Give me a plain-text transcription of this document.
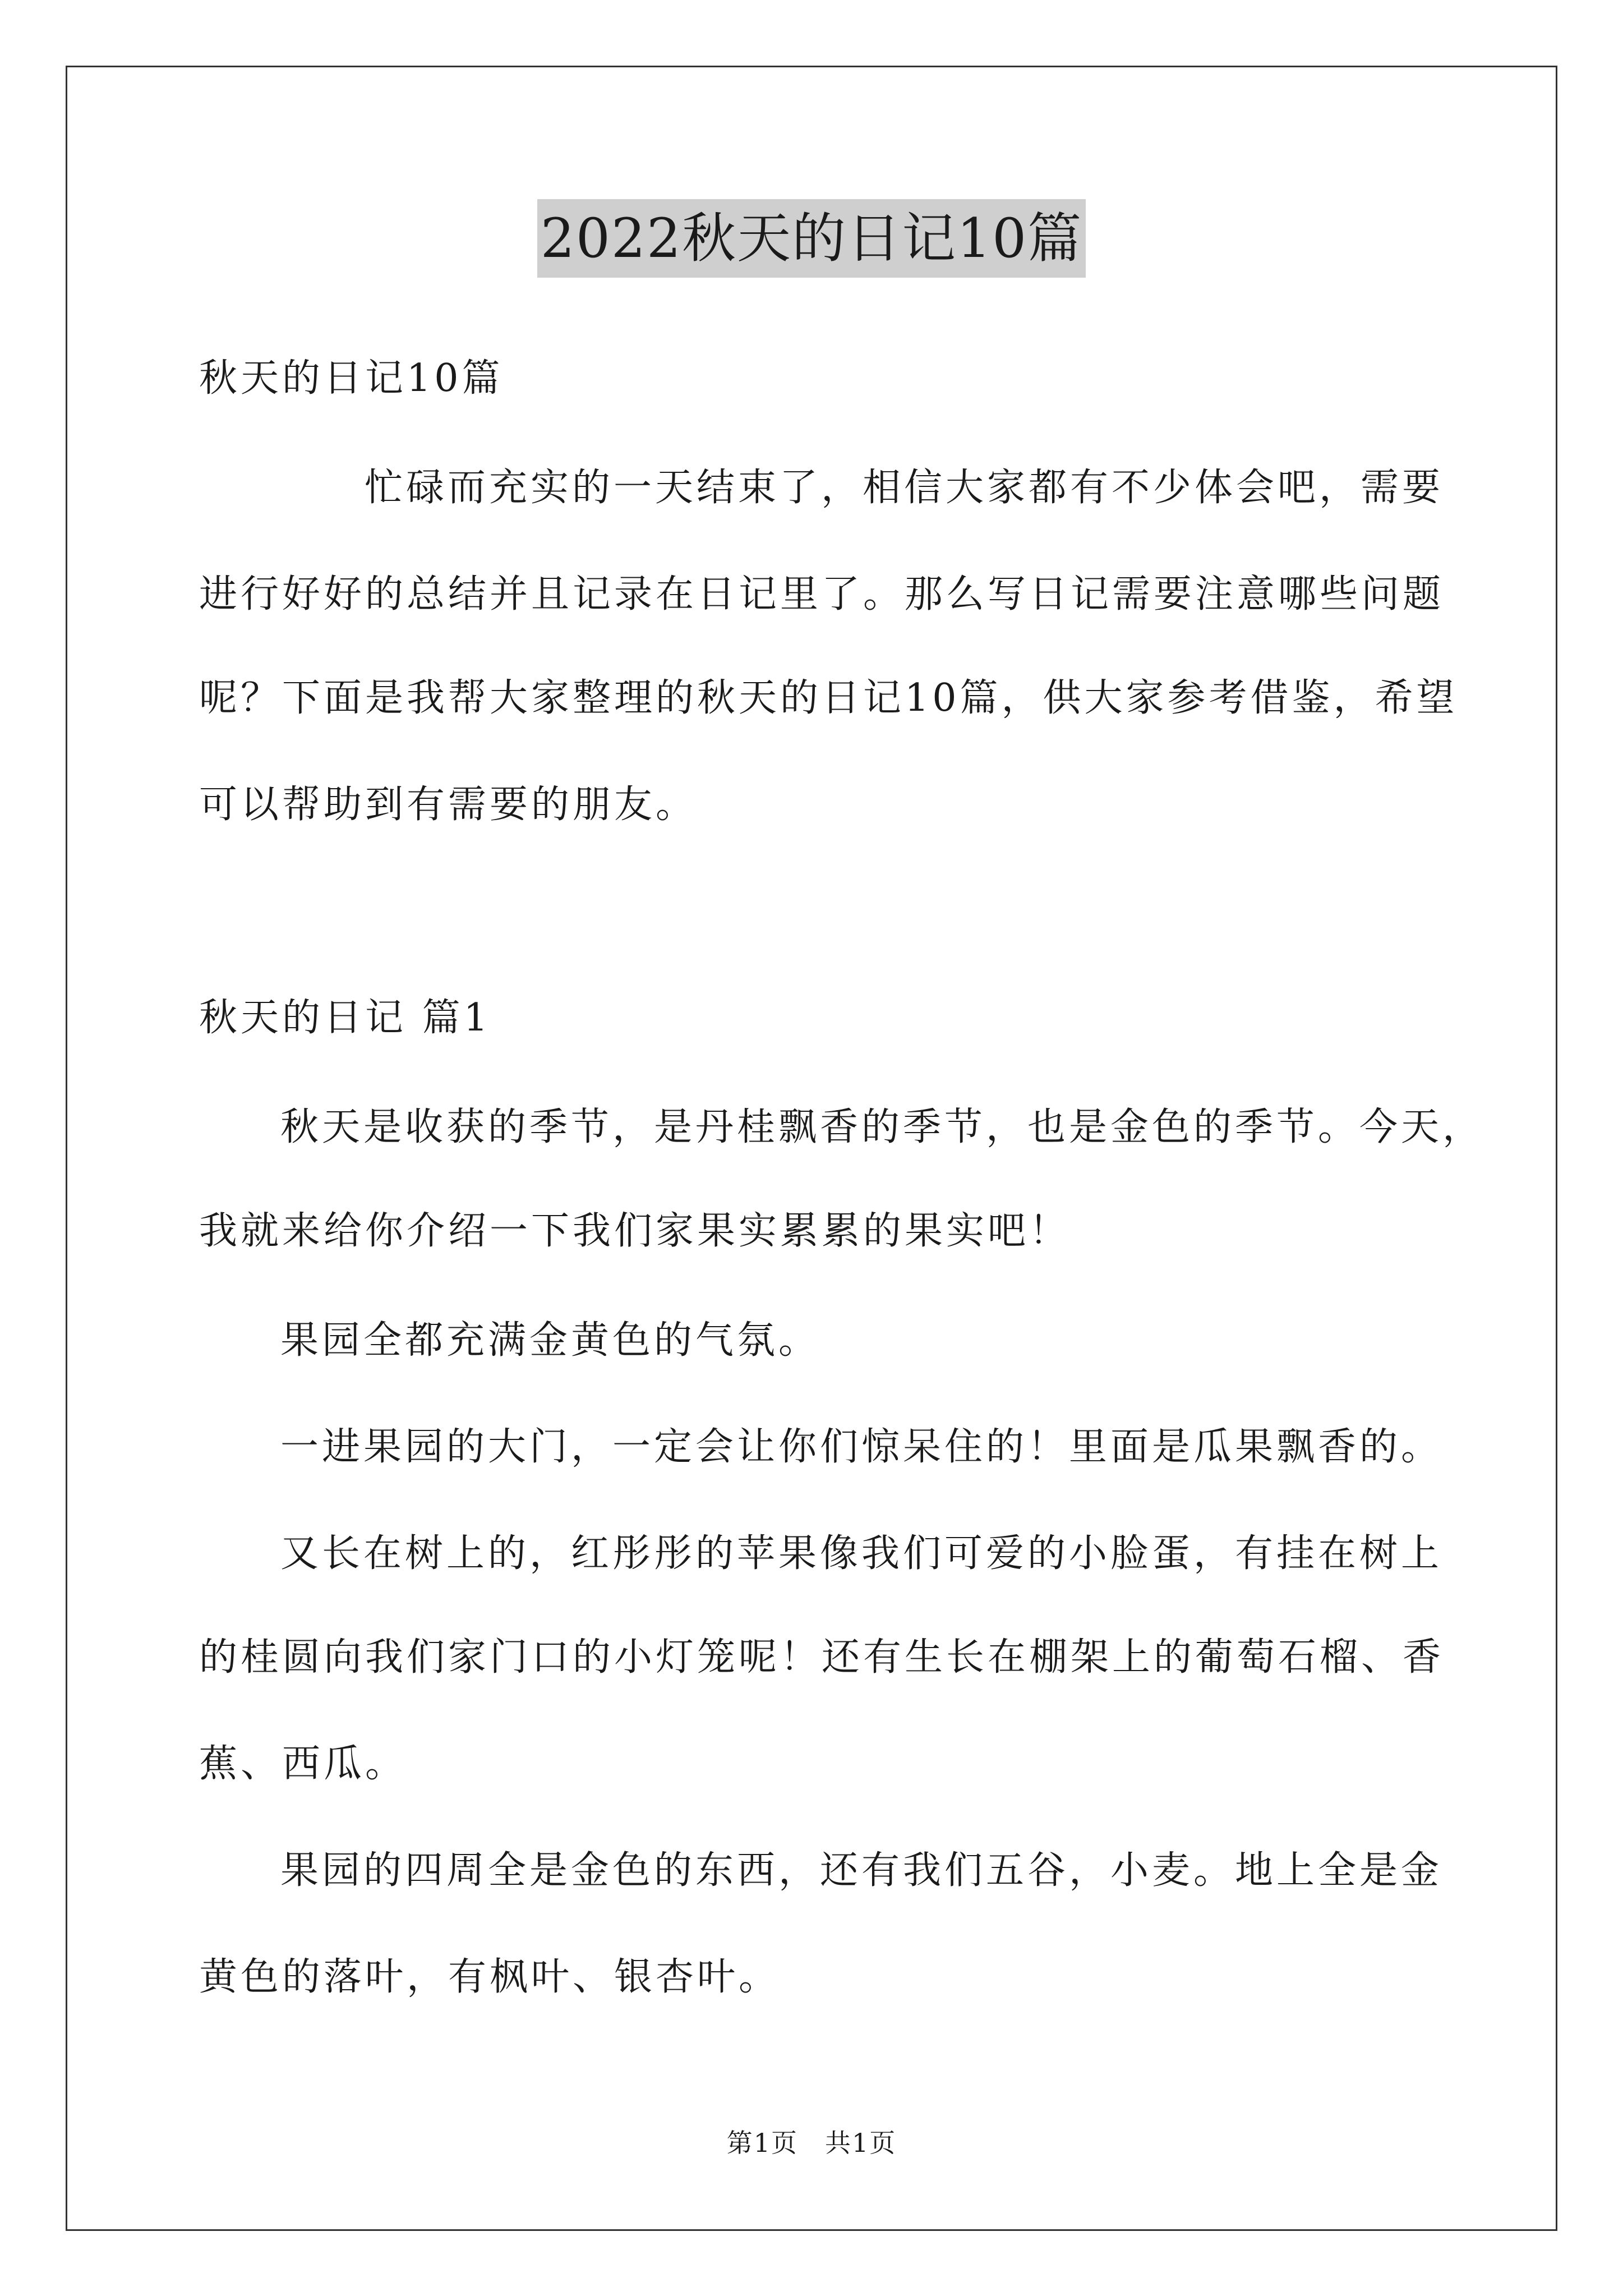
2022秋天的日记10篇
秋天的日记10篇
忙碌而充实的一天结束了，相信大家都有不少体会吧，需要
进行好好的总结并且记录在日记里了。那么写日记需要注意哪些问题
呢？下面是我帮大家整理的秋天的日记10篇，供大家参考借鉴，希望
可以帮助到有需要的朋友。
秋天的日记 篇1
秋天是收获的季节，是丹桂飘香的季节，也是金色的季节。今天，
我就来给你介绍一下我们家果实累累的果实吧！
果园全都充满金黄色的气氛。
一进果园的大门，一定会让你们惊呆住的！里面是瓜果飘香的。
又长在树上的，红彤彤的苹果像我们可爱的小脸蛋，有挂在树上
的桂圆向我们家门口的小灯笼呢！还有生长在棚架上的葡萄石榴、香
蕉、西瓜。
果园的四周全是金色的东西，还有我们五谷，小麦。地上全是金
黄色的落叶，有枫叶、银杏叶。
第1页　共1页
